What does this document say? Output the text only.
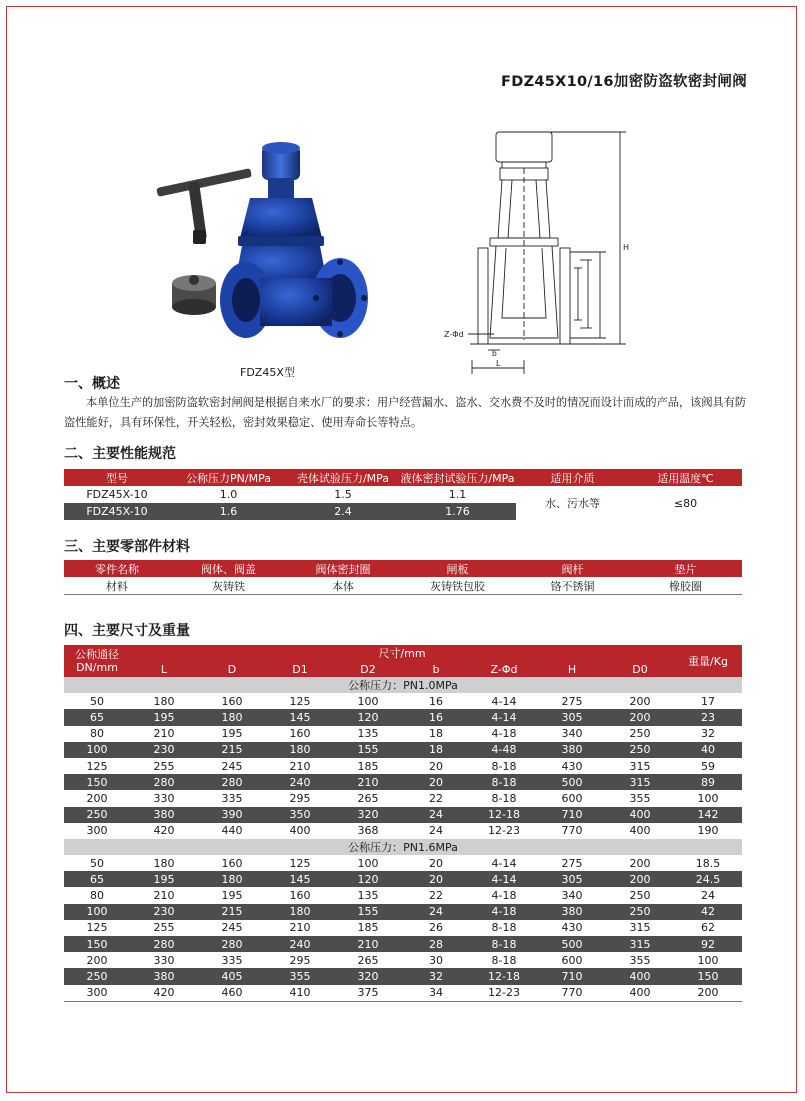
FDZ45X10/16加密防盗软密封闸阀
FDZ45X型
H
Z-Φd
b
L
一、概述
本单位生产的加密防盗软密封闸阀是根据自来水厂的要求：用户经营漏水、盗水、交水费不及时的情况而设计而成的产品，该阀具有防盗性能好，具有环保性，开关轻松，密封效果稳定、使用寿命长等特点。
二、主要性能规范
型号	公称压力PN/MPa	壳体试验压力/MPa	液体密封试验压力/MPa	适用介质	适用温度℃
FDZ45X-10	1.0	1.5	1.1	水、污水等	≤80
FDZ45X-10	1.6	2.4	1.76		
三、主要零部件材料
零件名称	阀体、阀盖	阀体密封圈	闸板	阀杆	垫片
材料	灰铸铁	本体	灰铸铁包胶	铬不锈铜	橡胶圈
四、主要尺寸及重量
公称通径DN/mm	尺寸/mm								重量/Kg
	L	D	D1	D2	b	Z-Φd	H	D0	
公称压力：PN1.0MPa									
50	180	160	125	100	16	4-14	275	200	17
65	195	180	145	120	16	4-14	305	200	23
80	210	195	160	135	18	4-18	340	250	32
100	230	215	180	155	18	4-48	380	250	40
125	255	245	210	185	20	8-18	430	315	59
150	280	280	240	210	20	8-18	500	315	89
200	330	335	295	265	22	8-18	600	355	100
250	380	390	350	320	24	12-18	710	400	142
300	420	440	400	368	24	12-23	770	400	190
公称压力：PN1.6MPa									
50	180	160	125	100	20	4-14	275	200	18.5
65	195	180	145	120	20	4-14	305	200	24.5
80	210	195	160	135	22	4-18	340	250	24
100	230	215	180	155	24	4-18	380	250	42
125	255	245	210	185	26	8-18	430	315	62
150	280	280	240	210	28	8-18	500	315	92
200	330	335	295	265	30	8-18	600	355	100
250	380	405	355	320	32	12-18	710	400	150
300	420	460	410	375	34	12-23	770	400	200
